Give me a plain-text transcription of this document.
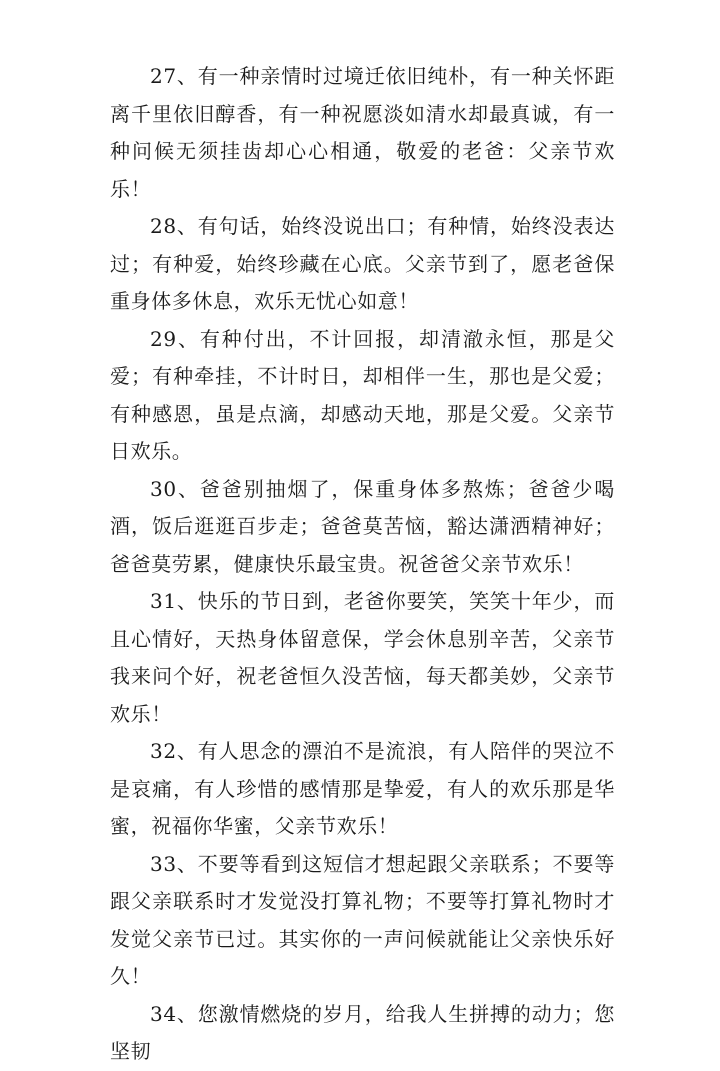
27、有一种亲情时过境迁依旧纯朴，有一种关怀距离千里依旧醇香，有一种祝愿淡如清水却最真诚，有一种问候无须挂齿却心心相通，敬爱的老爸：父亲节欢乐！

28、有句话，始终没说出口；有种情，始终没表达过；有种爱，始终珍藏在心底。父亲节到了，愿老爸保重身体多休息，欢乐无忧心如意！

29、有种付出，不计回报，却清澈永恒，那是父爱；有种牵挂，不计时日，却相伴一生，那也是父爱；有种感恩，虽是点滴，却感动天地，那是父爱。父亲节日欢乐。

30、爸爸别抽烟了，保重身体多熬炼；爸爸少喝酒，饭后逛逛百步走；爸爸莫苦恼，豁达潇洒精神好；爸爸莫劳累，健康快乐最宝贵。祝爸爸父亲节欢乐！

31、快乐的节日到，老爸你要笑，笑笑十年少，而且心情好，天热身体留意保，学会休息别辛苦，父亲节我来问个好，祝老爸恒久没苦恼，每天都美妙，父亲节欢乐！

32、有人思念的漂泊不是流浪，有人陪伴的哭泣不是哀痛，有人珍惜的感情那是挚爱，有人的欢乐那是华蜜，祝福你华蜜，父亲节欢乐！

33、不要等看到这短信才想起跟父亲联系；不要等跟父亲联系时才发觉没打算礼物；不要等打算礼物时才发觉父亲节已过。其实你的一声问候就能让父亲快乐好久！

34、您激情燃烧的岁月，给我人生拼搏的动力；您坚韧
